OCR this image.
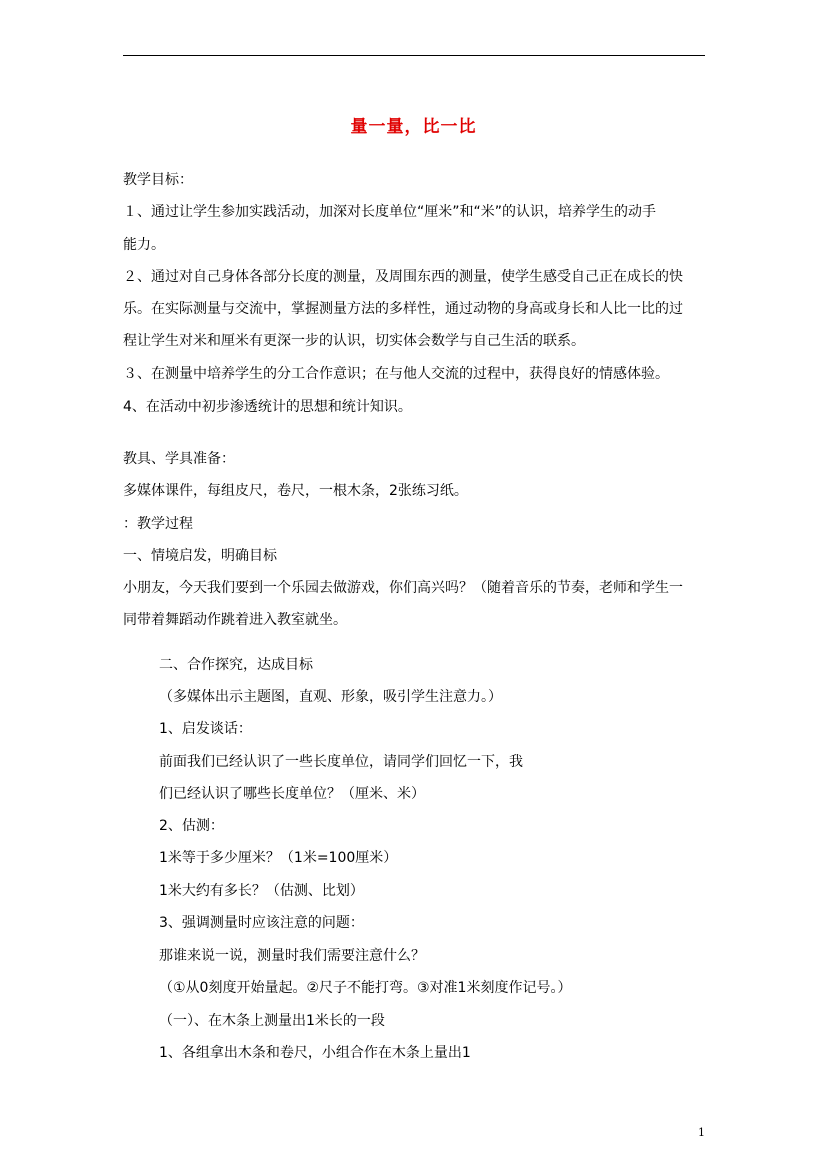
量一量，比一比
教学目标：
１、通过让学生参加实践活动，加深对长度单位“厘米”和“米”的认识，培养学生的动手
能力。
２、通过对自己身体各部分长度的测量，及周围东西的测量，使学生感受自己正在成长的快
乐。在实际测量与交流中，掌握测量方法的多样性，通过动物的身高或身长和人比一比的过
程让学生对米和厘米有更深一步的认识，切实体会数学与自己生活的联系。
３、在测量中培养学生的分工合作意识；在与他人交流的过程中，获得良好的情感体验。
4、在活动中初步渗透统计的思想和统计知识。
教具、学具准备：
多媒体课件，每组皮尺，卷尺，一根木条，2张练习纸。
：教学过程
一、情境启发，明确目标
小朋友，今天我们要到一个乐园去做游戏，你们高兴吗？（随着音乐的节奏，老师和学生一
同带着舞蹈动作跳着进入教室就坐。
二、合作探究，达成目标
（多媒体出示主题图，直观、形象，吸引学生注意力。）
1、启发谈话：
前面我们已经认识了一些长度单位，请同学们回忆一下，我
们已经认识了哪些长度单位？（厘米、米）
2、估测：
1米等于多少厘米？（1米=100厘米）
1米大约有多长？（估测、比划）
3、强调测量时应该注意的问题：
那谁来说一说，测量时我们需要注意什么？
（①从0刻度开始量起。②尺子不能打弯。③对准1米刻度作记号。）
（一）、在木条上测量出1米长的一段
1、各组拿出木条和卷尺，小组合作在木条上量出1
1
